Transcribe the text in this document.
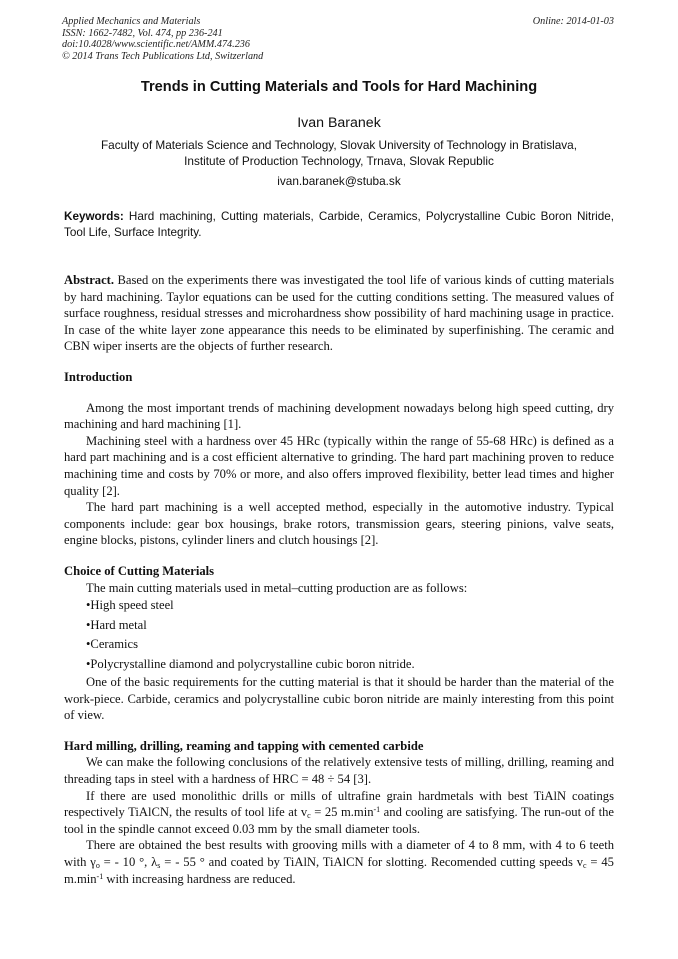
Applied Mechanics and Materials
ISSN: 1662-7482, Vol. 474, pp 236-241
doi:10.4028/www.scientific.net/AMM.474.236
© 2014 Trans Tech Publications Ltd, Switzerland
Online: 2014-01-03
Trends in Cutting Materials and Tools for Hard Machining
Ivan Baranek
Faculty of Materials Science and Technology, Slovak University of Technology in Bratislava,
Institute of Production Technology, Trnava, Slovak Republic
ivan.baranek@stuba.sk
Keywords: Hard machining, Cutting materials, Carbide, Ceramics, Polycrystalline Cubic Boron Nitride, Tool Life, Surface Integrity.

Abstract. Based on the experiments there was investigated the tool life of various kinds of cutting materials by hard machining. Taylor equations can be used for the cutting conditions setting. The measured values of surface roughness, residual stresses and microhardness show possibility of hard machining usage in practice. In case of the white layer zone appearance this needs to be eliminated by superfinishing. The ceramic and CBN wiper inserts are the objects of further research.

Introduction

Among the most important trends of machining development nowadays belong high speed cutting, dry machining and hard machining [1].

Machining steel with a hardness over 45 HRc (typically within the range of 55-68 HRc) is defined as a hard part machining and is a cost efficient alternative to grinding. The hard part machining proven to reduce machining time and costs by 70% or more, and also offers improved flexibility, better lead times and higher quality [2].

The hard part machining is a well accepted method, especially in the automotive industry. Typical components include: gear box housings, brake rotors, transmission gears, steering pinions, valve seats, engine blocks, pistons, cylinder liners and clutch housings [2].

Choice of Cutting Materials

The main cutting materials used in metal–cutting production are as follows:

•High speed steel

•Hard metal

•Ceramics

•Polycrystalline diamond and polycrystalline cubic boron nitride.

One of the basic requirements for the cutting material is that it should be harder than the material of the work-piece. Carbide, ceramics and polycrystalline cubic boron nitride are mainly interesting from this point of view.

Hard milling, drilling, reaming and tapping with cemented carbide

We can make the following conclusions of the relatively extensive tests of milling, drilling, reaming and threading taps in steel with a hardness of HRC = 48 ÷ 54 [3].

If there are used monolithic drills or mills of ultrafine grain hardmetals with best TiAlN coatings respectively TiAlCN, the results of tool life at $v_c = 25$ $m.\min^{-1}$ and cooling are satisfying. The run-out of the tool in the spindle cannot exceed 0.03 mm by the small diameter tools.

There are obtained the best results with grooving mills with a diameter of 4 to 8 mm, with 4 to 6 teeth with $\gamma_o$ = - 10 °, $\lambda_s$ = - 55 ° and coated by TiAlN, TiAlCN for slotting. Recomended cutting speeds $v_c = 45$ $m.\min^{-1}$ with increasing hardness are reduced.
